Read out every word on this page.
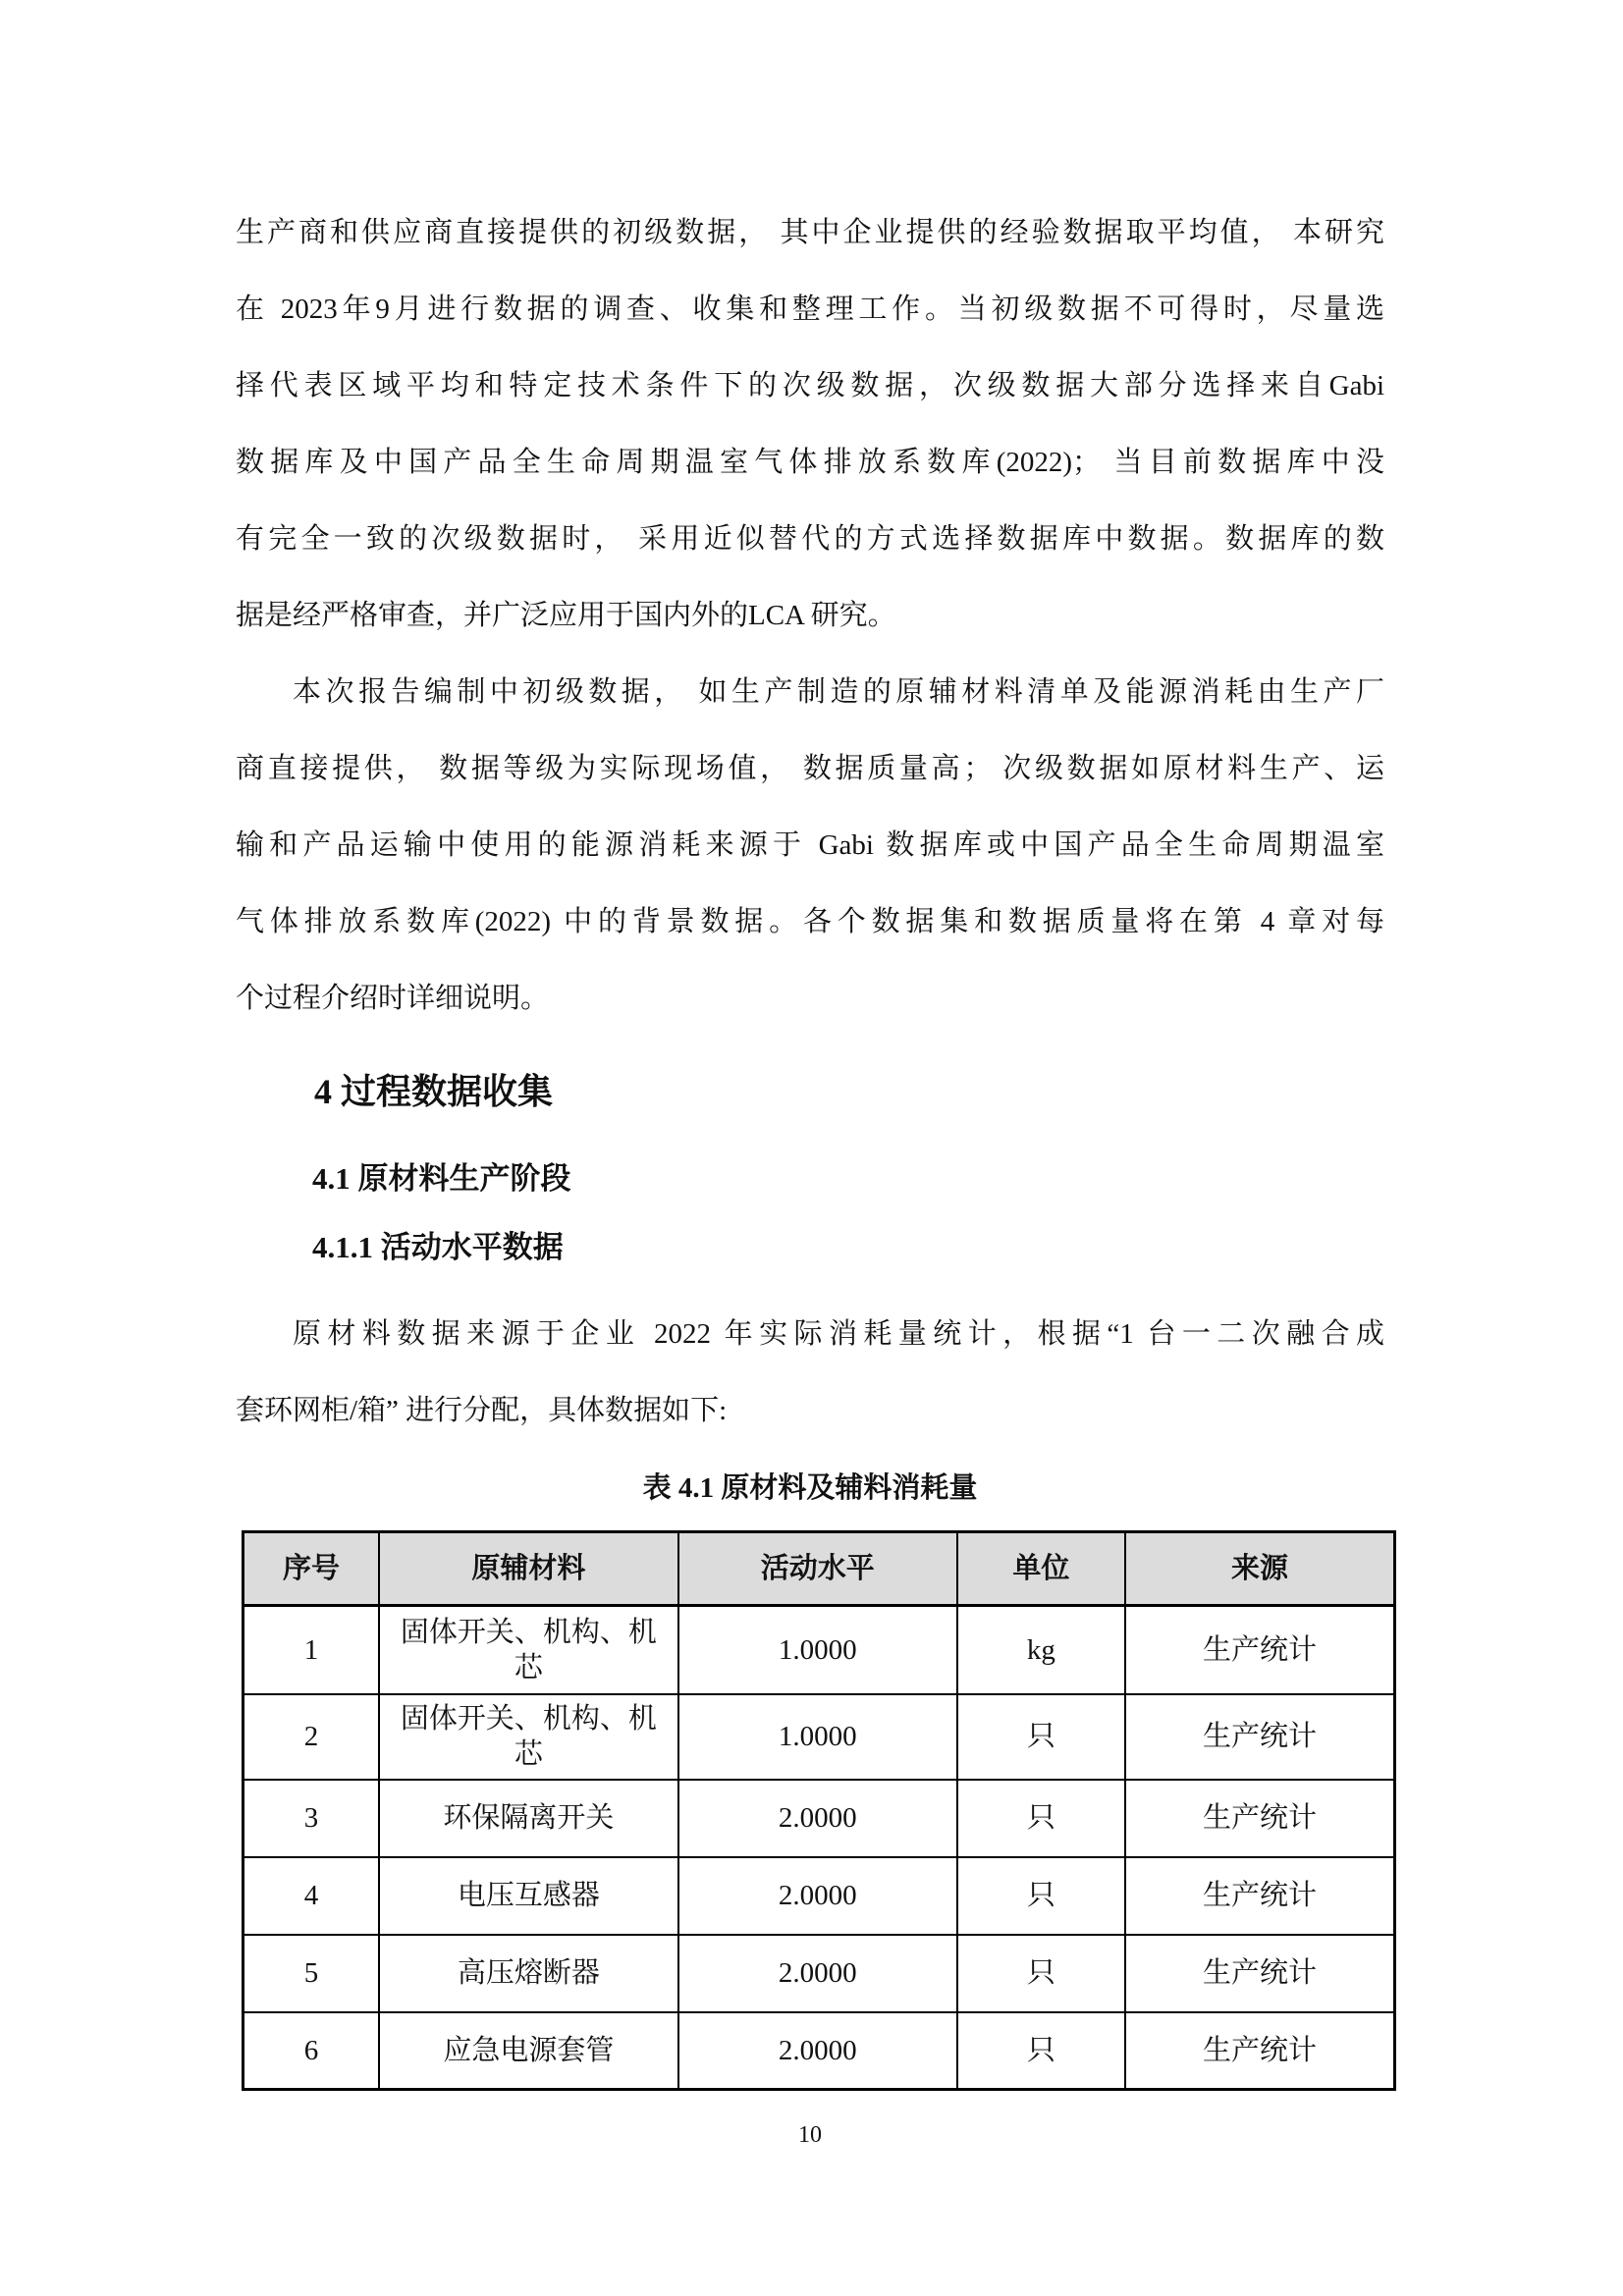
生产商和供应商直接提供的初级数据， 其中企业提供的经验数据取平均值， 本研究
在 2023年9月进行数据的调查、收集和整理工作。当初级数据不可得时，尽量选
择代表区域平均和特定技术条件下的次级数据，次级数据大部分选择来自Gabi
数据库及中国产品全生命周期温室气体排放系数库(2022)； 当目前数据库中没
有完全一致的次级数据时， 采用近似替代的方式选择数据库中数据。数据库的数
据是经严格审查，并广泛应用于国内外的LCA 研究。
本次报告编制中初级数据， 如生产制造的原辅材料清单及能源消耗由生产厂
商直接提供， 数据等级为实际现场值， 数据质量高； 次级数据如原材料生产、运
输和产品运输中使用的能源消耗来源于 Gabi 数据库或中国产品全生命周期温室
气体排放系数库(2022) 中的背景数据。各个数据集和数据质量将在第 4 章对每
个过程介绍时详细说明。
4 过程数据收集
4.1 原材料生产阶段
4.1.1 活动水平数据
原材料数据来源于企业 2022 年实际消耗量统计，根据“1 台一二次融合成
套环网柜/箱” 进行分配，具体数据如下:
表 4.1 原材料及辅料消耗量
序号	原辅材料	活动水平	单位	来源
1	固体开关、机构、机芯	1.0000	kg	生产统计
2	固体开关、机构、机芯	1.0000	只	生产统计
3	环保隔离开关	2.0000	只	生产统计
4	电压互感器	2.0000	只	生产统计
5	高压熔断器	2.0000	只	生产统计
6	应急电源套管	2.0000	只	生产统计
10
